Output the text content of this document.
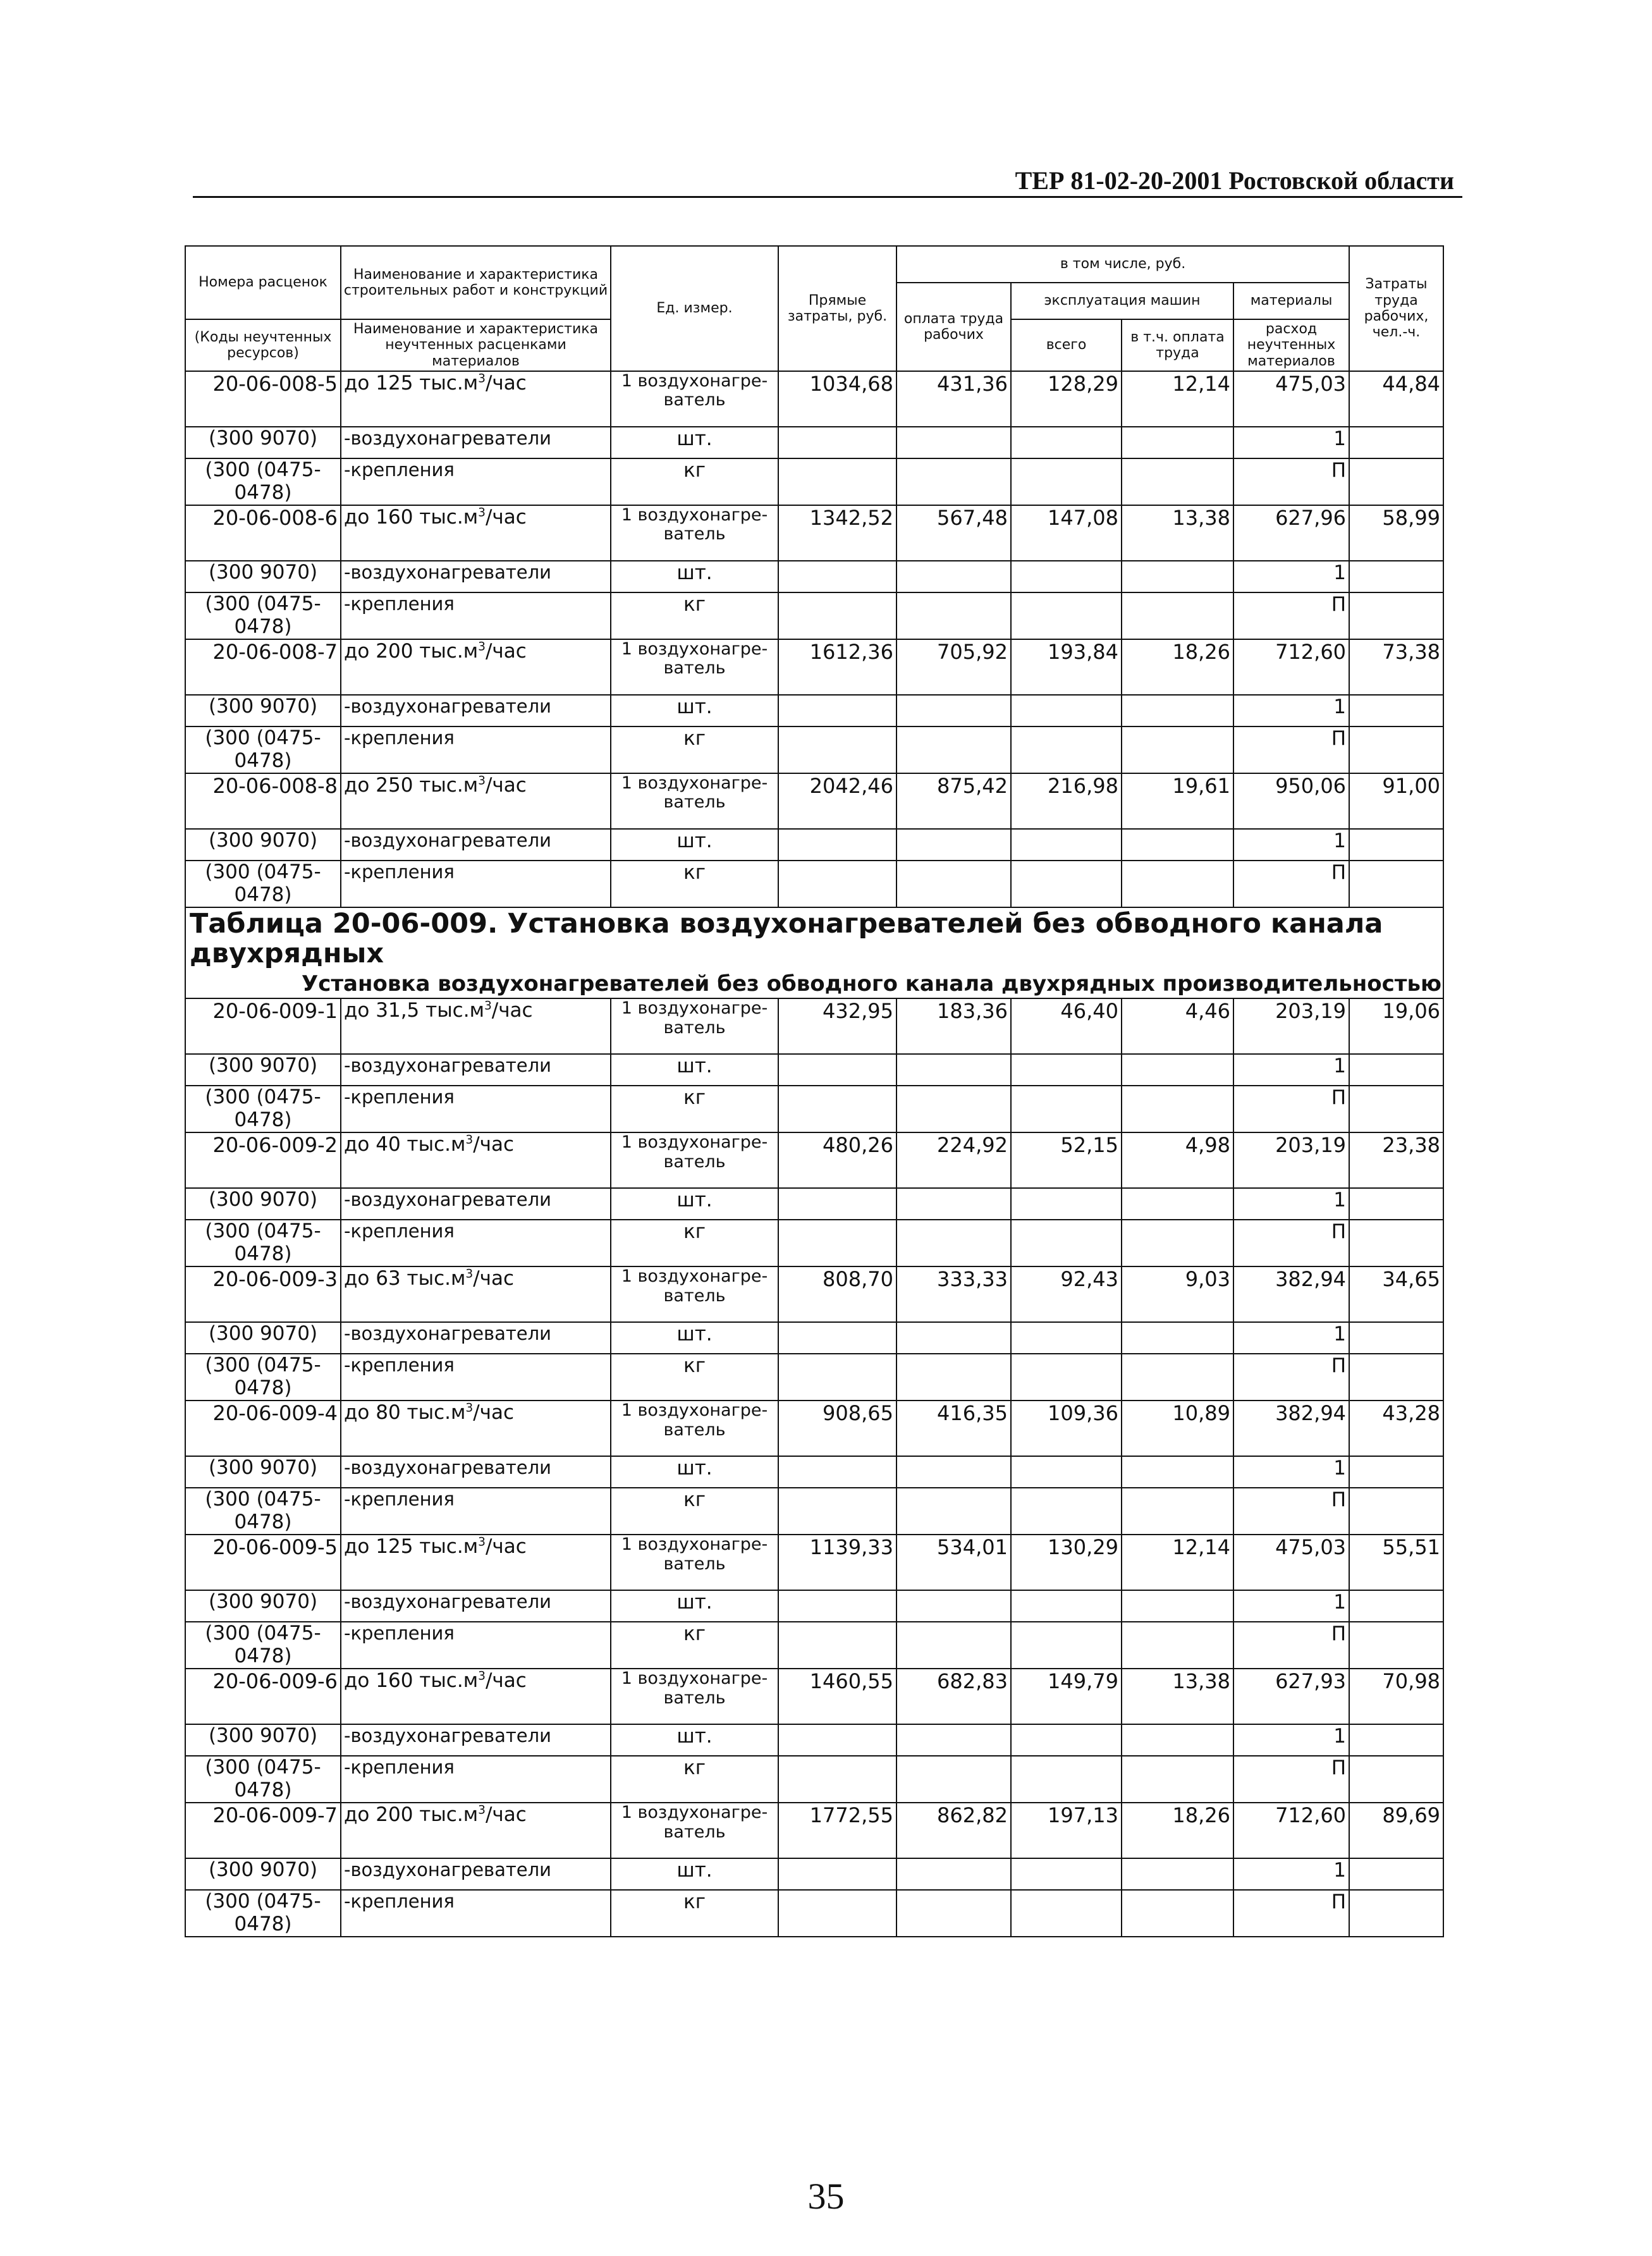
ТЕР 81-02-20-2001 Ростовской области
Номера расценок	Наименование и характеристика строительных работ и конструкций	Ед. измер.	Прямые затраты, руб.	в том числе, руб.				Затраты труда рабочих, чел.-ч.
				оплата труда рабочих	эксплуатация машин		материалы	
(Коды неучтенных ресурсов)	Наименование и характеристика неучтенных расценками материалов				всего	в т.ч. оплата труда	расход неучтенных материалов	

20-06-008-5	до 125 $тыс.м^3$/час	1 воздухонагре-ватель	1034,68	431,36	128,29	12,14	475,03	44,84
(300 9070)	-воздухонагреватели	шт.					1	
(300 (0475-0478)	-крепления	кг					П	
20-06-008-6	до 160 $тыс.м^3$/час	1 воздухонагре-ватель	1342,52	567,48	147,08	13,38	627,96	58,99
(300 9070)	-воздухонагреватели	шт.					1	
(300 (0475-0478)	-крепления	кг					П	
20-06-008-7	до 200 $тыс.м^3$/час	1 воздухонагре-ватель	1612,36	705,92	193,84	18,26	712,60	73,38
(300 9070)	-воздухонагреватели	шт.					1	
(300 (0475-0478)	-крепления	кг					П	
20-06-008-8	до 250 $тыс.м^3$/час	1 воздухонагре-ватель	2042,46	875,42	216,98	19,61	950,06	91,00
(300 9070)	-воздухонагреватели	шт.					1	
(300 (0475-0478)	-крепления	кг					П	
Таблица 20-06-009. Установка воздухонагревателей без обводного канала двухрядных								
Установка воздухонагревателей без обводного канала двухрядных производительностью								
20-06-009-1	до 31,5 $тыс.м^3$/час	1 воздухонагре-ватель	432,95	183,36	46,40	4,46	203,19	19,06
(300 9070)	-воздухонагреватели	шт.					1	
(300 (0475-0478)	-крепления	кг					П	
20-06-009-2	до 40 $тыс.м^3$/час	1 воздухонагре-ватель	480,26	224,92	52,15	4,98	203,19	23,38
(300 9070)	-воздухонагреватели	шт.					1	
(300 (0475-0478)	-крепления	кг					П	
20-06-009-3	до 63 $тыс.м^3$/час	1 воздухонагре-ватель	808,70	333,33	92,43	9,03	382,94	34,65
(300 9070)	-воздухонагреватели	шт.					1	
(300 (0475-0478)	-крепления	кг					П	
20-06-009-4	до 80 $тыс.м^3$/час	1 воздухонагре-ватель	908,65	416,35	109,36	10,89	382,94	43,28
(300 9070)	-воздухонагреватели	шт.					1	
(300 (0475-0478)	-крепления	кг					П	
20-06-009-5	до 125 $тыс.м^3$/час	1 воздухонагре-ватель	1139,33	534,01	130,29	12,14	475,03	55,51
(300 9070)	-воздухонагреватели	шт.					1	
(300 (0475-0478)	-крепления	кг					П	
20-06-009-6	до 160 $тыс.м^3$/час	1 воздухонагре-ватель	1460,55	682,83	149,79	13,38	627,93	70,98
(300 9070)	-воздухонагреватели	шт.					1	
(300 (0475-0478)	-крепления	кг					П	
20-06-009-7	до 200 $тыс.м^3$/час	1 воздухонагре-ватель	1772,55	862,82	197,13	18,26	712,60	89,69
(300 9070)	-воздухонагреватели	шт.					1	
(300 (0475-0478)	-крепления	кг					П	
35
